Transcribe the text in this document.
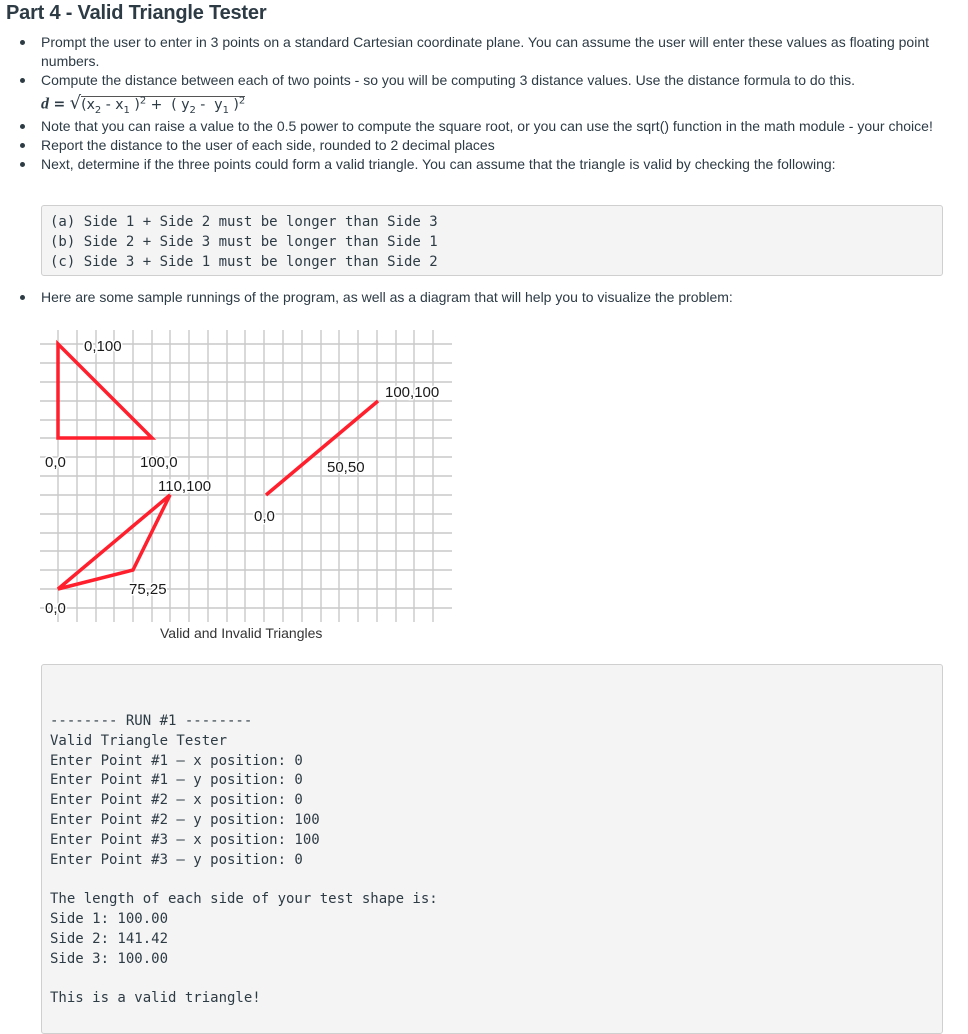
Part 4 - Valid Triangle Tester
Prompt the user to enter in 3 points on a standard Cartesian coordinate plane. You can assume the user will enter these values as floating point numbers.
Compute the distance between each of two points - so you will be computing 3 distance values. Use the distance formula to do this.
$d = √(x_2 - x_1$ )$^2$ +  ( $y_2 - y_1$ )$^2$
Note that you can raise a value to the 0.5 power to compute the square root, or you can use the sqrt() function in the math module - your choice!
Report the distance to the user of each side, rounded to 2 decimal places
Next, determine if the three points could form a valid triangle. You can assume that the triangle is valid by checking the following:
(a) Side 1 + Side 2 must be longer than Side 3
(b) Side 2 + Side 3 must be longer than Side 1
(c) Side 3 + Side 1 must be longer than Side 2
Here are some sample runnings of the program, as well as a diagram that will help you to visualize the problem:
0,100
0,0	100,0
110,100
75,25
0,0
100,100
50,50
0,0
Valid and Invalid Triangles
-------- RUN #1 --------
Valid Triangle Tester
Enter Point #1 – x position: 0
Enter Point #1 – y position: 0
Enter Point #2 – x position: 0
Enter Point #2 – y position: 100
Enter Point #3 – x position: 100
Enter Point #3 – y position: 0
The length of each side of your test shape is:
Side 1: 100.00
Side 2: 141.42
Side 3: 100.00
This is a valid triangle!
